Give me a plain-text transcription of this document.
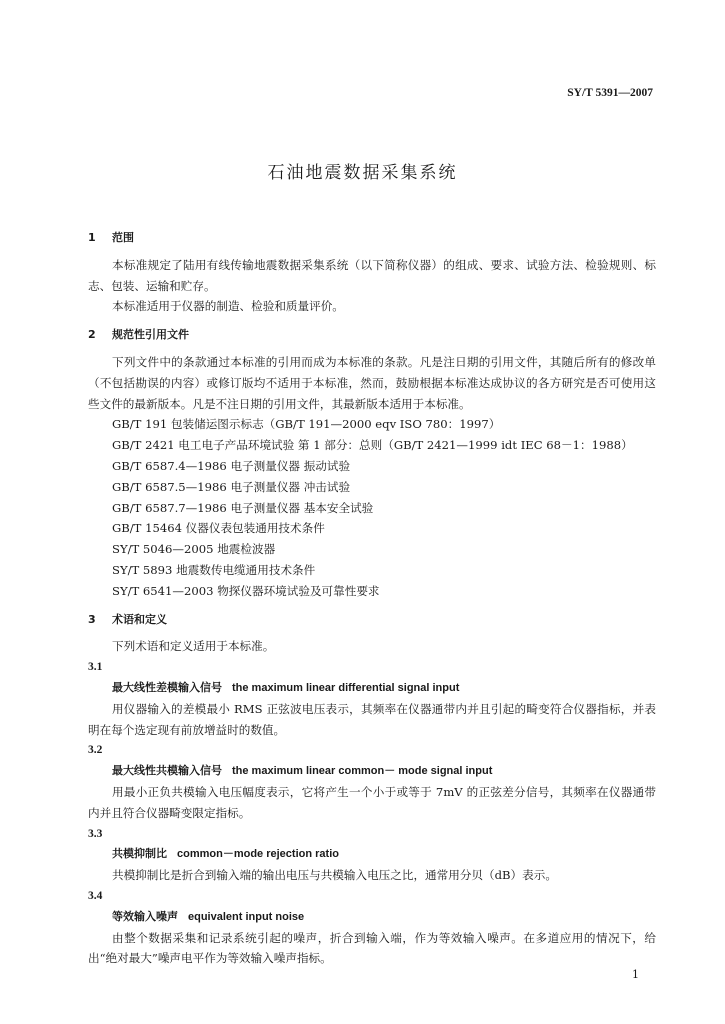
SY/T 5391—2007
石油地震数据采集系统
1 范围
本标准规定了陆用有线传输地震数据采集系统（以下简称仪器）的组成、要求、试验方法、检验规则、标志、包装、运输和贮存。
本标准适用于仪器的制造、检验和质量评价。
2 规范性引用文件
下列文件中的条款通过本标准的引用而成为本标准的条款。凡是注日期的引用文件，其随后所有的修改单（不包括勘误的内容）或修订版均不适用于本标准，然而，鼓励根据本标准达成协议的各方研究是否可使用这些文件的最新版本。凡是不注日期的引用文件，其最新版本适用于本标准。
GB/T 191 包装储运图示标志（GB/T 191—2000 eqv ISO 780：1997）
GB/T 2421 电工电子产品环境试验 第 1 部分：总则（GB/T 2421—1999 idt IEC 68－1：1988）
GB/T 6587.4—1986 电子测量仪器 振动试验
GB/T 6587.5—1986 电子测量仪器 冲击试验
GB/T 6587.7—1986 电子测量仪器 基本安全试验
GB/T 15464 仪器仪表包装通用技术条件
SY/T 5046—2005 地震检波器
SY/T 5893 地震数传电缆通用技术条件
SY/T 6541—2003 物探仪器环境试验及可靠性要求
3 术语和定义
下列术语和定义适用于本标准。
3.1
最大线性差模输入信号 the maximum linear differential signal input
用仪器输入的差模最小 RMS 正弦波电压表示，其频率在仪器通带内并且引起的畸变符合仪器指标，并表明在每个选定现有前放增益时的数值。
3.2
最大线性共模输入信号 the maximum linear common－ mode signal input
用最小正负共模输入电压幅度表示，它将产生一个小于或等于 7mV 的正弦差分信号，其频率在仪器通带内并且符合仪器畸变限定指标。
3.3
共模抑制比 common－mode rejection ratio
共模抑制比是折合到输入端的输出电压与共模输入电压之比，通常用分贝（dB）表示。
3.4
等效输入噪声 equivalent input noise
由整个数据采集和记录系统引起的噪声，折合到输入端，作为等效输入噪声。在多道应用的情况下，给出“绝对最大”噪声电平作为等效输入噪声指标。
1
